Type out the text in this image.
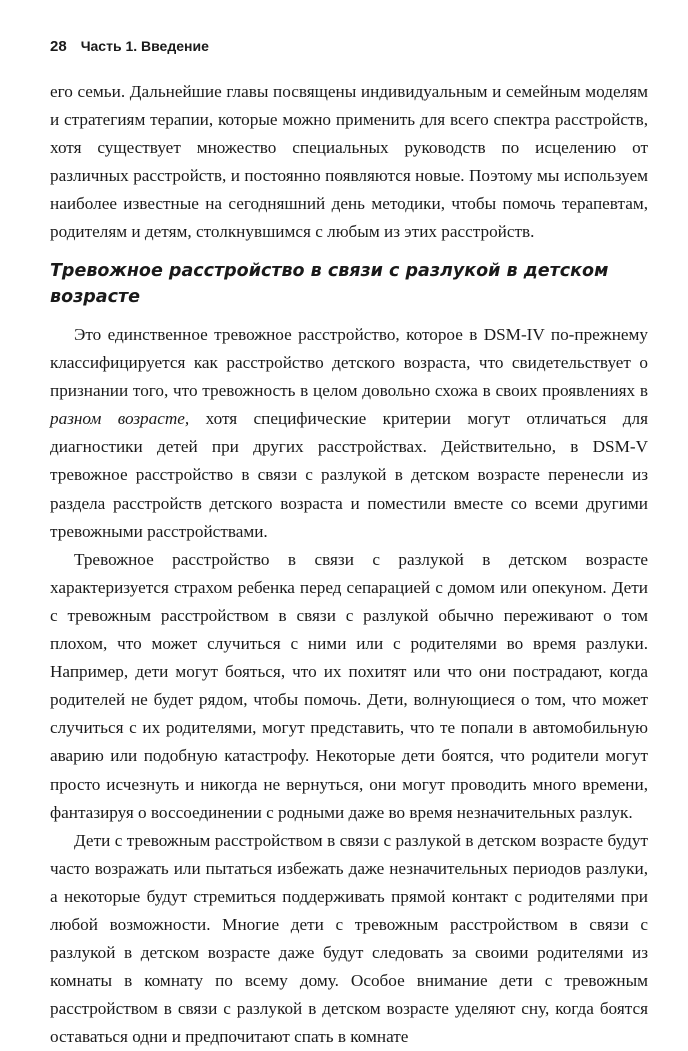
28 Часть 1. Введение

его семьи. Дальнейшие главы посвящены индивидуальным и семейным моделям и стратегиям терапии, которые можно применить для всего спектра расстройств, хотя существует множество специальных руководств по исцелению от различных расстройств, и постоянно появляются новые. Поэтому мы используем наиболее известные на сегодняшний день методики, чтобы помочь терапевтам, родителям и детям, столкнувшимся с любым из этих расстройств.

Тревожное расстройство в связи с разлукой в детском возрасте

Это единственное тревожное расстройство, которое в DSM-IV по-прежнему классифицируется как расстройство детского возраста, что свидетельствует о признании того, что тревожность в целом довольно схожа в своих проявлениях в разном возрасте, хотя специфические критерии могут отличаться для диагностики детей при других расстройствах. Действительно, в DSM-V тревожное расстройство в связи с разлукой в детском возрасте перенесли из раздела расстройств детского возраста и поместили вместе со всеми другими тревожными расстройствами.

Тревожное расстройство в связи с разлукой в детском возрасте характеризуется страхом ребенка перед сепарацией с домом или опекуном. Дети с тревожным расстройством в связи с разлукой обычно переживают о том плохом, что может случиться с ними или с родителями во время разлуки. Например, дети могут бояться, что их похитят или что они пострадают, когда родителей не будет рядом, чтобы помочь. Дети, волнующиеся о том, что может случиться с их родителями, могут представить, что те попали в автомобильную аварию или подобную катастрофу. Некоторые дети боятся, что родители могут просто исчезнуть и никогда не вернуться, они могут проводить много времени, фантазируя о воссоединении с родными даже во время незначительных разлук.

Дети с тревожным расстройством в связи с разлукой в детском возрасте будут часто возражать или пытаться избежать даже незначительных периодов разлуки, а некоторые будут стремиться поддерживать прямой контакт с родителями при любой возможности. Многие дети с тревожным расстройством в связи с разлукой в детском возрасте даже будут следовать за своими родителями из комнаты в комнату по всему дому. Особое внимание дети с тревожным расстройством в связи с разлукой в детском возрасте уделяют сну, когда боятся оставаться одни и предпочитают спать в комнате
